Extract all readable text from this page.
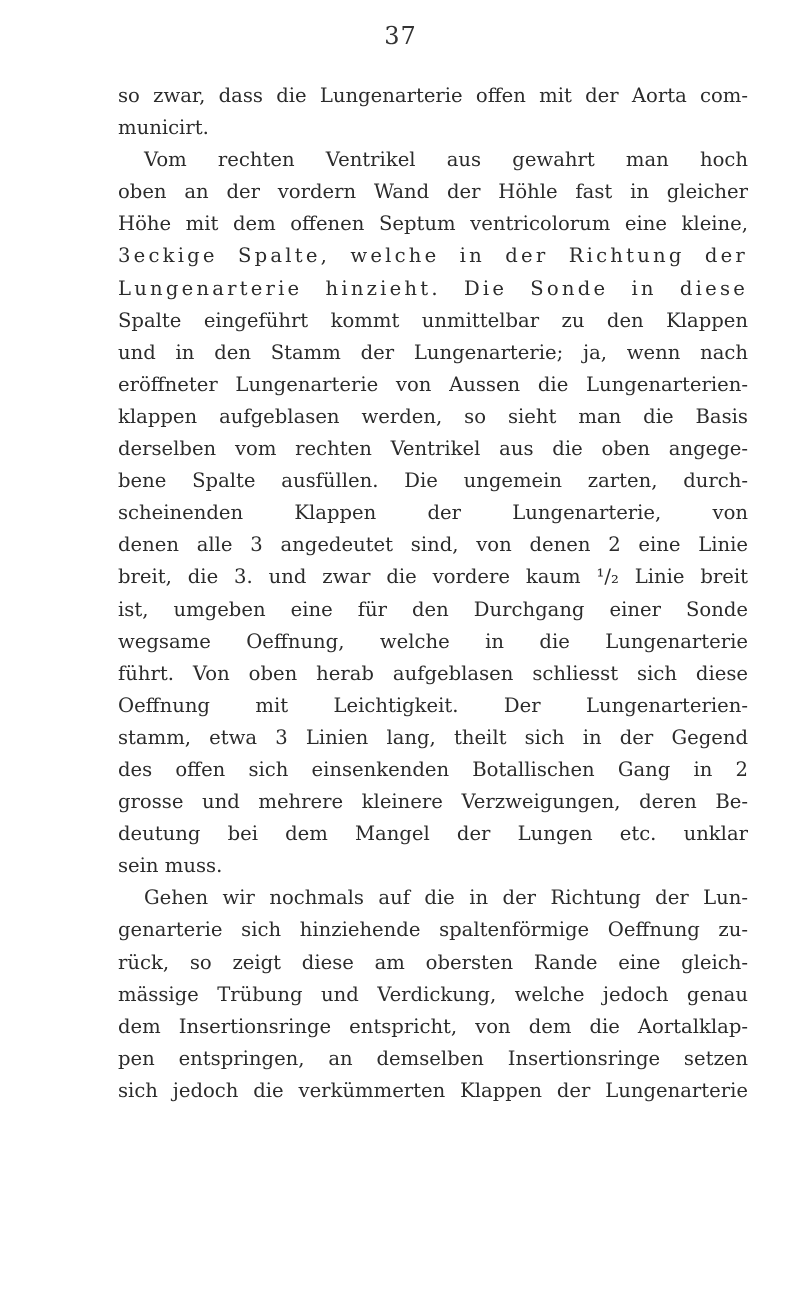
37
so zwar, dass die Lungenarterie offen mit der Aorta com-
municirt.
Vom rechten Ventrikel aus gewahrt man hoch
oben an der vordern Wand der Höhle fast in gleicher
Höhe mit dem offenen Septum ventricolorum eine kleine,
3eckige Spalte, welche in der Richtung der
Lungenarterie hinzieht. Die Sonde in diese
Spalte eingeführt kommt unmittelbar zu den Klappen
und in den Stamm der Lungenarterie; ja, wenn nach
eröffneter Lungenarterie von Aussen die Lungenarterien-
klappen aufgeblasen werden, so sieht man die Basis
derselben vom rechten Ventrikel aus die oben angege-
bene Spalte ausfüllen. Die ungemein zarten, durch-
scheinenden Klappen der Lungenarterie, von
denen alle 3 angedeutet sind, von denen 2 eine Linie
breit, die 3. und zwar die vordere kaum ¹/₂ Linie breit
ist, umgeben eine für den Durchgang einer Sonde
wegsame Oeffnung, welche in die Lungenarterie
führt. Von oben herab aufgeblasen schliesst sich diese
Oeffnung mit Leichtigkeit. Der Lungenarterien-
stamm, etwa 3 Linien lang, theilt sich in der Gegend
des offen sich einsenkenden Botallischen Gang in 2
grosse und mehrere kleinere Verzweigungen, deren Be-
deutung bei dem Mangel der Lungen etc. unklar
sein muss.
Gehen wir nochmals auf die in der Richtung der Lun-
genarterie sich hinziehende spaltenförmige Oeffnung zu-
rück, so zeigt diese am obersten Rande eine gleich-
mässige Trübung und Verdickung, welche jedoch genau
dem Insertionsringe entspricht, von dem die Aortalklap-
pen entspringen, an demselben Insertionsringe setzen
sich jedoch die verkümmerten Klappen der Lungenarterie
